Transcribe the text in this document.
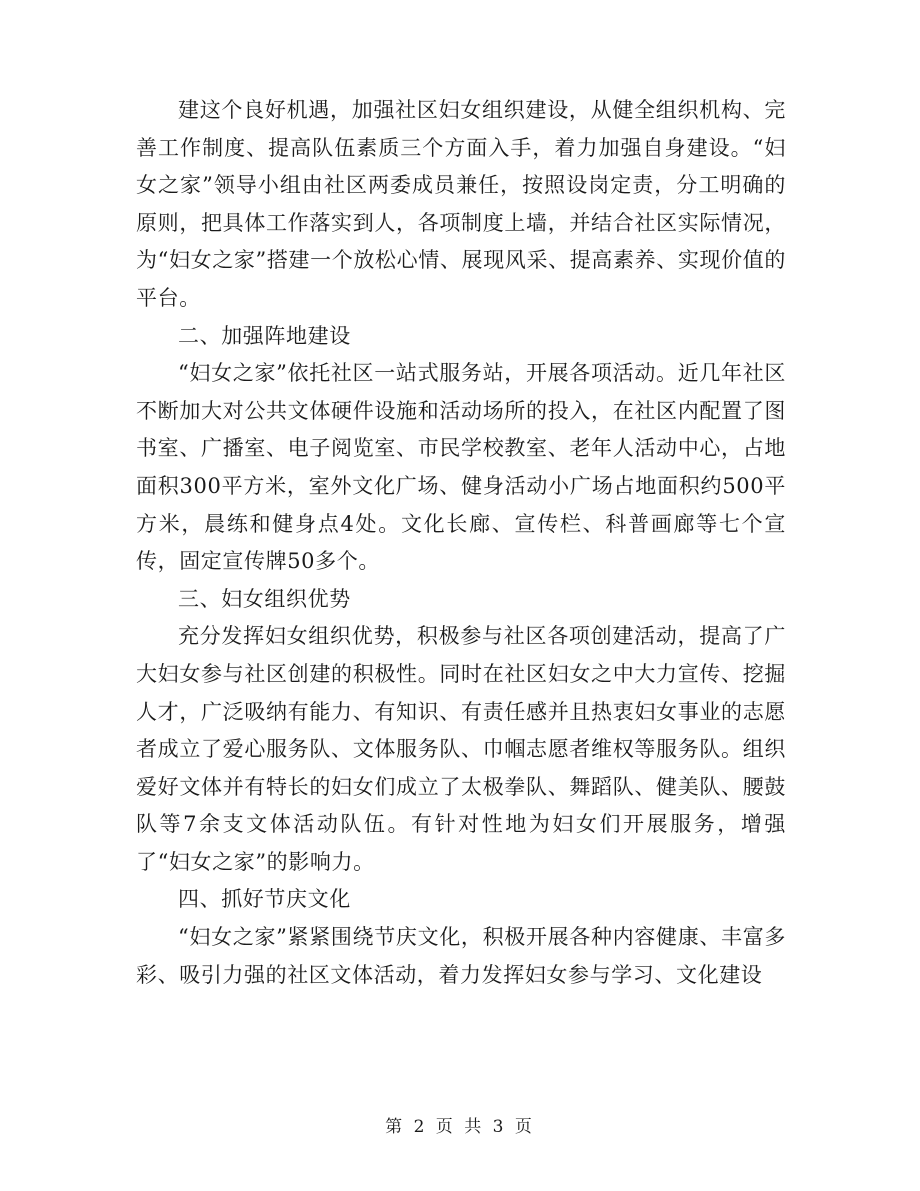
建这个良好机遇，加强社区妇女组织建设，从健全组织机构、完善工作制度、提高队伍素质三个方面入手，着力加强自身建设。“妇女之家”领导小组由社区两委成员兼任，按照设岗定责，分工明确的原则，把具体工作落实到人，各项制度上墙，并结合社区实际情况，为“妇女之家”搭建一个放松心情、展现风采、提高素养、实现价值的平台。

二、加强阵地建设

“妇女之家”依托社区一站式服务站，开展各项活动。近几年社区不断加大对公共文体硬件设施和活动场所的投入，在社区内配置了图书室、广播室、电子阅览室、市民学校教室、老年人活动中心，占地面积300平方米，室外文化广场、健身活动小广场占地面积约500平方米，晨练和健身点4处。文化长廊、宣传栏、科普画廊等七个宣传，固定宣传牌50多个。

三、妇女组织优势

充分发挥妇女组织优势，积极参与社区各项创建活动，提高了广大妇女参与社区创建的积极性。同时在社区妇女之中大力宣传、挖掘人才，广泛吸纳有能力、有知识、有责任感并且热衷妇女事业的志愿者成立了爱心服务队、文体服务队、巾帼志愿者维权等服务队。组织爱好文体并有特长的妇女们成立了太极拳队、舞蹈队、健美队、腰鼓队等7余支文体活动队伍。有针对性地为妇女们开展服务，增强了“妇女之家”的影响力。

四、抓好节庆文化

“妇女之家”紧紧围绕节庆文化，积极开展各种内容健康、丰富多彩、吸引力强的社区文体活动，着力发挥妇女参与学习、文化建设

第 2 页 共 3 页
